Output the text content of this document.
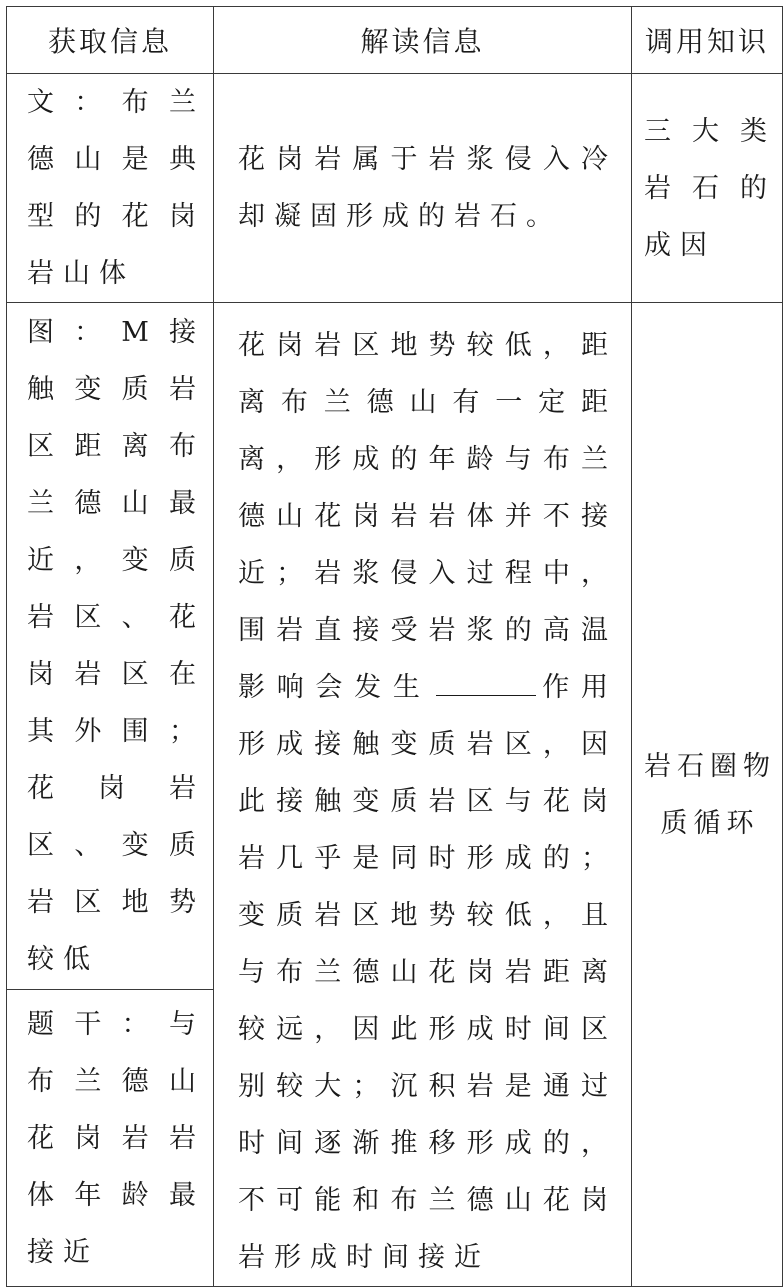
获取信息	解读信息	调用知识

文：布兰德山是典型的花岗岩山体	花岗岩属于岩浆侵入冷却凝固形成的岩石。	三大类岩石的成因

图：M接触变质岩区距离布兰德山最近，变质岩区、花岗岩区在其外围；花岗岩区、变质岩区地势较低	花岗岩区地势较低，距离布兰德山有一定距离，形成的年龄与布兰德山花岗岩岩体并不接近；岩浆侵入过程中，围岩直接受岩浆的高温影响会发生 作用形成接触变质岩区，因此接触变质岩区与花岗岩几乎是同时形成的；变质岩区地势较低，且与布兰德山花岗岩距离较远，因此形成时间区别较大；沉积岩是通过时间逐渐推移形成的，不可能和布兰德山花岗岩形成时间接近	岩石圈物质循环

题干：与布兰德山花岗岩岩体年龄最接近		
